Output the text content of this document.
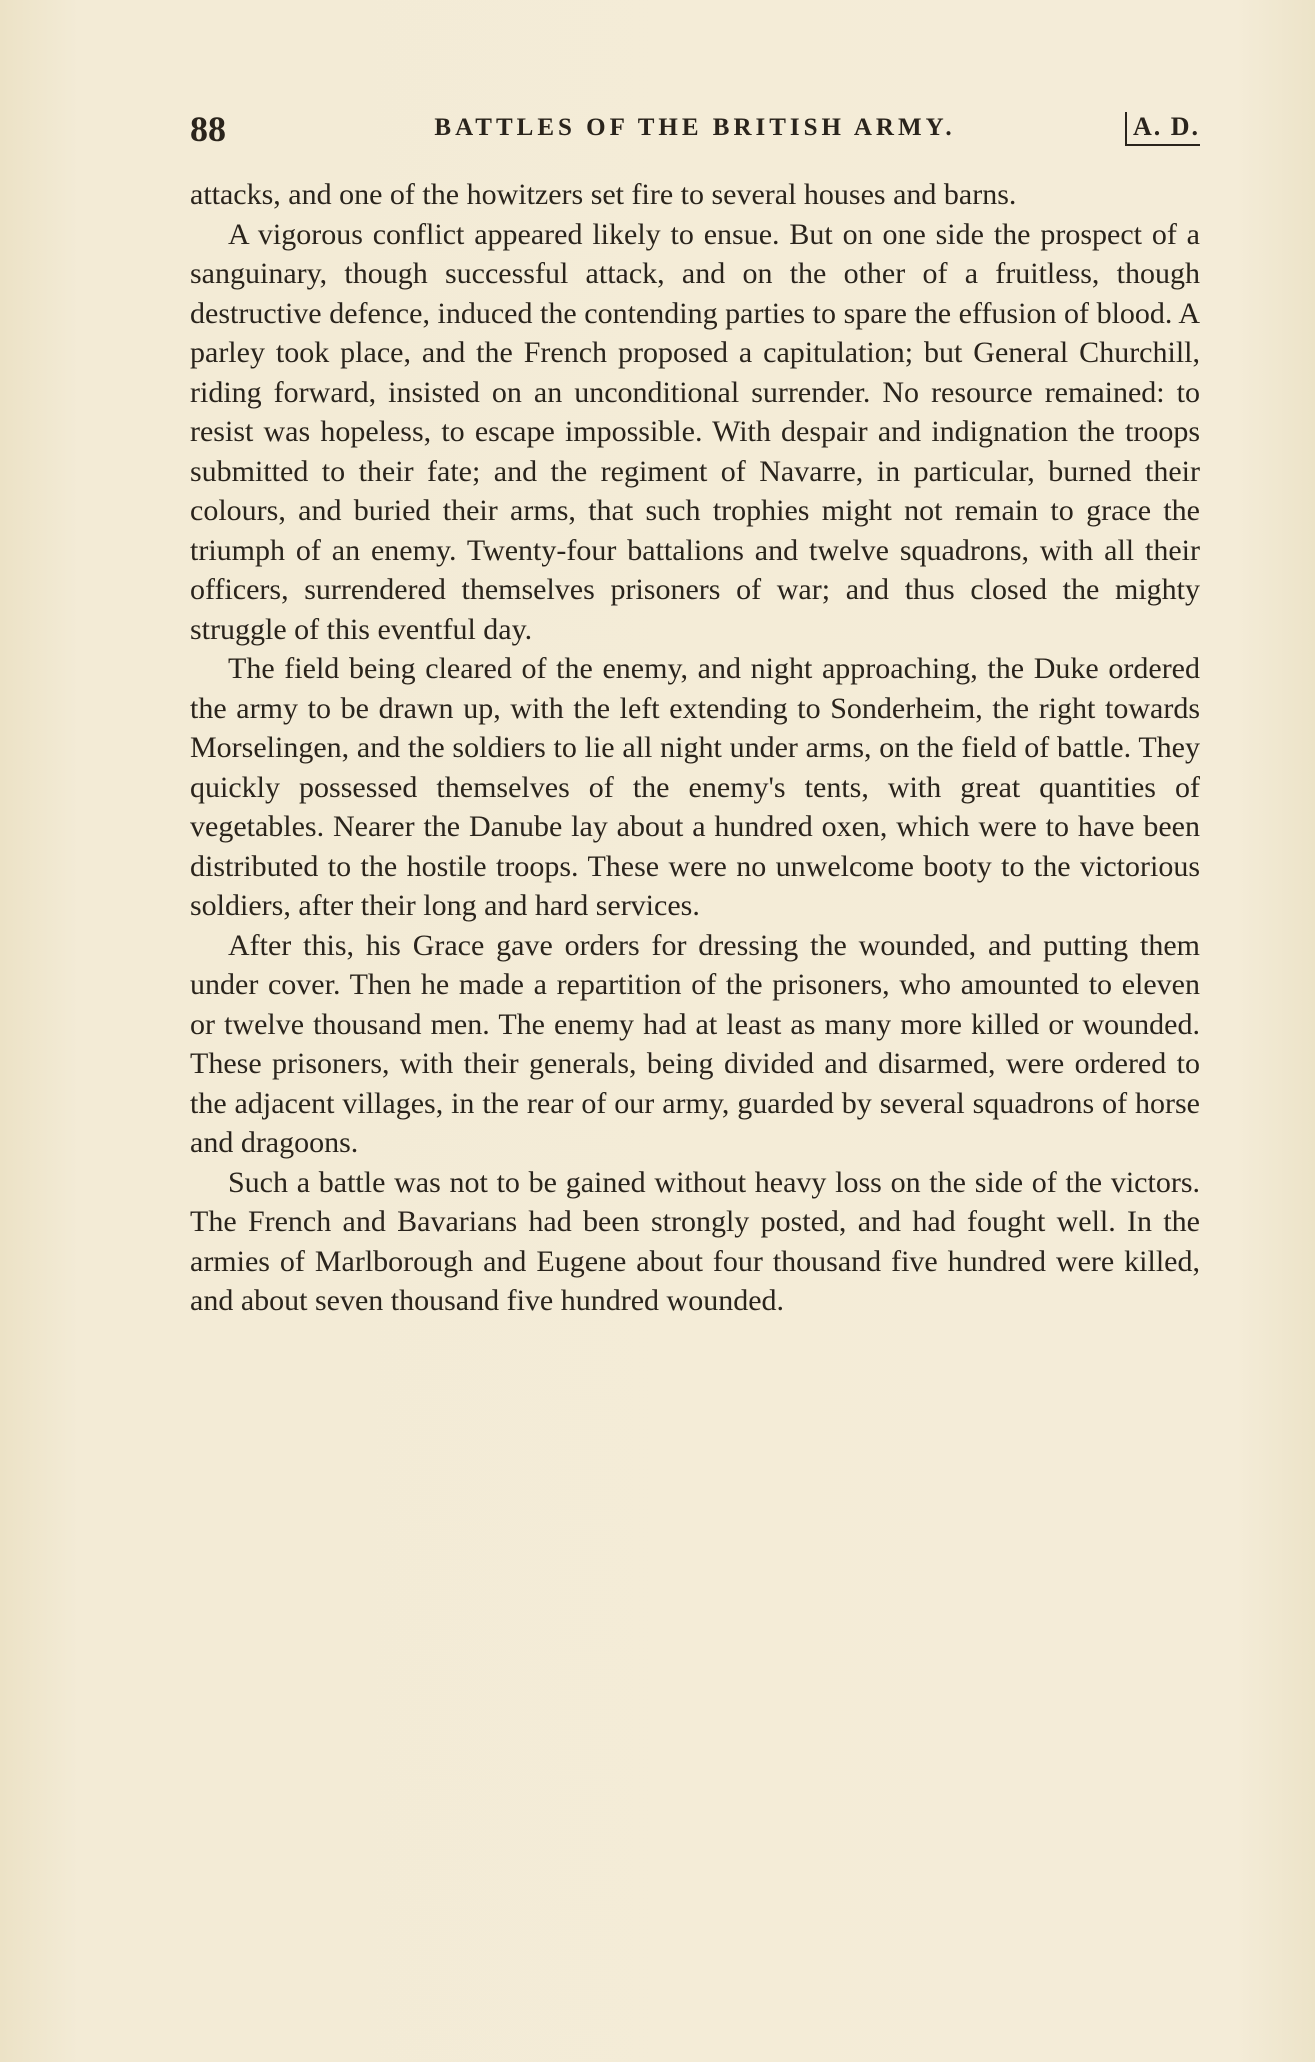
88	BATTLES OF THE BRITISH ARMY.	A. D.

attacks, and one of the howitzers set fire to several houses and barns.

A vigorous conflict appeared likely to ensue. But on one side the prospect of a sanguinary, though successful attack, and on the other of a fruitless, though destructive defence, induced the contending parties to spare the effusion of blood. A parley took place, and the French proposed a capitulation; but General Churchill, riding forward, insisted on an unconditional surrender. No resource remained: to resist was hopeless, to escape impossible. With despair and indignation the troops submitted to their fate; and the regiment of Navarre, in particular, burned their colours, and buried their arms, that such trophies might not remain to grace the triumph of an enemy. Twenty-four battalions and twelve squadrons, with all their officers, surrendered themselves prisoners of war; and thus closed the mighty struggle of this eventful day.

The field being cleared of the enemy, and night approaching, the Duke ordered the army to be drawn up, with the left extending to Sonderheim, the right towards Morselingen, and the soldiers to lie all night under arms, on the field of battle. They quickly possessed themselves of the enemy's tents, with great quantities of vegetables. Nearer the Danube lay about a hundred oxen, which were to have been distributed to the hostile troops. These were no unwelcome booty to the victorious soldiers, after their long and hard services.

After this, his Grace gave orders for dressing the wounded, and putting them under cover. Then he made a repartition of the prisoners, who amounted to eleven or twelve thousand men. The enemy had at least as many more killed or wounded. These prisoners, with their generals, being divided and disarmed, were ordered to the adjacent villages, in the rear of our army, guarded by several squadrons of horse and dragoons.

Such a battle was not to be gained without heavy loss on the side of the victors. The French and Bavarians had been strongly posted, and had fought well. In the armies of Marlborough and Eugene about four thousand five hundred were killed, and about seven thousand five hundred wounded.
